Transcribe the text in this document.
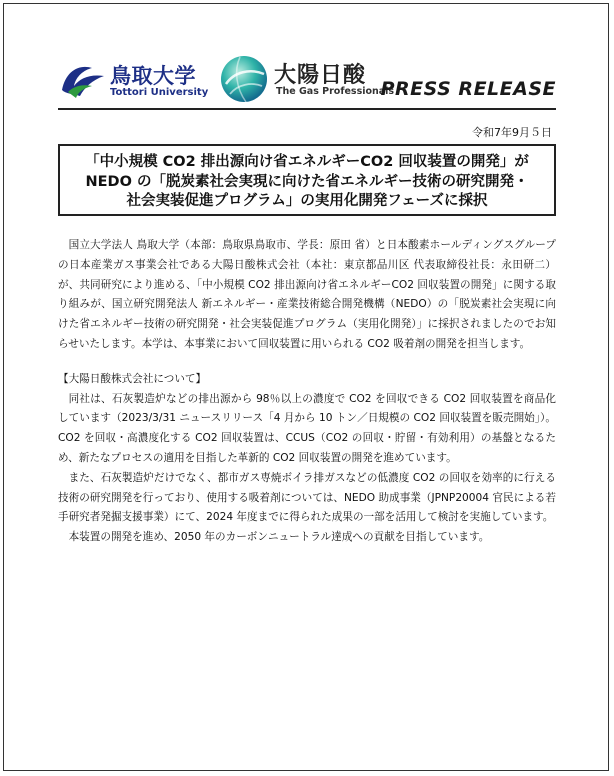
鳥取大学
Tottori University
大陽日酸
The Gas Professionals
PRESS RELEASE
令和7年9月５日
「中小規模 CO2 排出源向け省エネルギーCO2 回収装置の開発」が
NEDO の「脱炭素社会実現に向けた省エネルギー技術の研究開発・
社会実装促進プログラム」の実用化開発フェーズに採択

国立大学法人 鳥取大学（本部：鳥取県鳥取市、学長：原田 省）と日本酸素ホールディングスグループの日本産業ガス事業会社である大陽日酸株式会社（本社：東京都品川区 代表取締役社長：永田研二）が、共同研究により進める、「中小規模 CO2 排出源向け省エネルギーCO2 回収装置の開発」に関する取り組みが、国立研究開発法人 新エネルギー・産業技術総合開発機構（NEDO）の「脱炭素社会実現に向けた省エネルギー技術の研究開発・社会実装促進プログラム（実用化開発）」に採択されましたのでお知らせいたします。本学は、本事業において回収装置に用いられる CO2 吸着剤の開発を担当します。

【大陽日酸株式会社について】

同社は、石灰製造炉などの排出源から 98％以上の濃度で CO2 を回収できる CO2 回収装置を商品化しています（2023/3/31 ニュースリリース「4 月から 10 トン／日規模の CO2 回収装置を販売開始」）。CO2 を回収・高濃度化する CO2 回収装置は、CCUS（CO2 の回収・貯留・有効利用）の基盤となるため、新たなプロセスの適用を目指した革新的 CO2 回収装置の開発を進めています。

また、石灰製造炉だけでなく、都市ガス専焼ボイラ排ガスなどの低濃度 CO2 の回収を効率的に行える技術の研究開発を行っており、使用する吸着剤については、NEDO 助成事業（JPNP20004 官民による若手研究者発掘支援事業）にて、2024 年度までに得られた成果の一部を活用して検討を実施しています。

本装置の開発を進め、2050 年のカーボンニュートラル達成への貢献を目指しています。
